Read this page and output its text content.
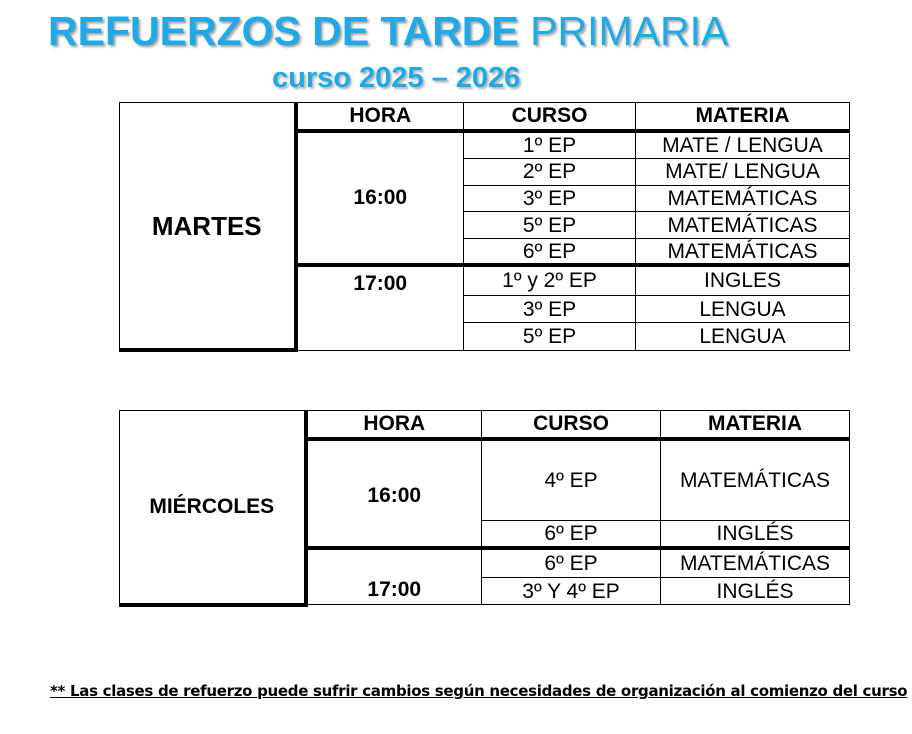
REFUERZOS DE TARDE PRIMARIA
curso 2025 – 2026
MARTES	HORA	CURSO	MATERIA
	16:00	1º EP	MATE / LENGUA
		2º EP	MATE/ LENGUA
		3º EP	MATEMÁTICAS
		5º EP	MATEMÁTICAS
		6º EP	MATEMÁTICAS
	17:00	1º y 2º EP	INGLES
		3º EP	LENGUA
		5º EP	LENGUA
MIÉRCOLES	HORA	CURSO	MATERIA
	16:00	4º EP	MATEMÁTICAS
		6º EP	INGLÉS
	17:00	6º EP	MATEMÁTICAS
		3º Y 4º EP	INGLÉS

** Las clases de refuerzo puede sufrir cambios según necesidades de organización al comienzo del curso
